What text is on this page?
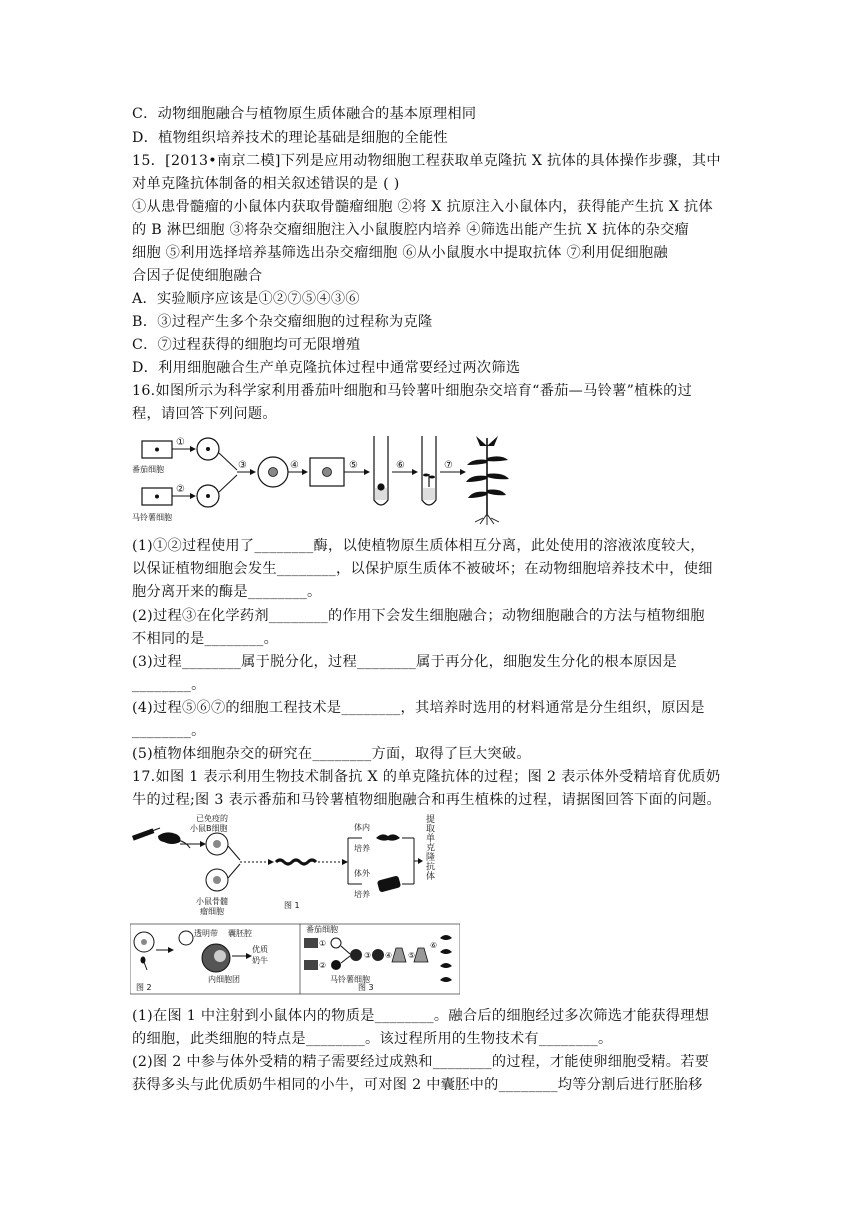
C．动物细胞融合与植物原生质体融合的基本原理相同
D．植物组织培养技术的理论基础是细胞的全能性
15．[2013•南京二模]下列是应用动物细胞工程获取单克隆抗 X 抗体的具体操作步骤，其中
对单克隆抗体制备的相关叙述错误的是 ( )
①从患骨髓瘤的小鼠体内获取骨髓瘤细胞 ②将 X 抗原注入小鼠体内，获得能产生抗 X 抗体
的 B 淋巴细胞 ③将杂交瘤细胞注入小鼠腹腔内培养 ④筛选出能产生抗 X 抗体的杂交瘤
细胞 ⑤利用选择培养基筛选出杂交瘤细胞 ⑥从小鼠腹水中提取抗体 ⑦利用促细胞融
合因子促使细胞融合
A．实验顺序应该是①②⑦⑤④③⑥
B．③过程产生多个杂交瘤细胞的过程称为克隆
C．⑦过程获得的细胞均可无限增殖
D．利用细胞融合生产单克隆抗体过程中通常要经过两次筛选
16.如图所示为科学家利用番茄叶细胞和马铃薯叶细胞杂交培育“番茄—马铃薯”植株的过
程，请回答下列问题。
①
番茄细胞
②
马铃薯细胞
③	④	⑤	⑥	⑦
(1)①②过程使用了________酶，以使植物原生质体相互分离，此处使用的溶液浓度较大，
以保证植物细胞会发生________，以保护原生质体不被破坏；在动物细胞培养技术中，使细
胞分离开来的酶是________。
(2)过程③在化学药剂________的作用下会发生细胞融合；动物细胞融合的方法与植物细胞
不相同的是________。
(3)过程________属于脱分化，过程________属于再分化，细胞发生分化的根本原因是
________。
(4)过程⑤⑥⑦的细胞工程技术是________，其培养时选用的材料通常是分生组织，原因是
________。
(5)植物体细胞杂交的研究在________方面，取得了巨大突破。
17.如图 1 表示利用生物技术制备抗 X 的单克隆抗体的过程；图 2 表示体外受精培育优质奶
牛的过程;图 3 表示番茄和马铃薯植物细胞融合和再生植株的过程，请据图回答下面的问题。
已免疫的
小鼠B细胞
小鼠骨髓
瘤细胞
体内
培养
体外
培养
提取单克隆抗体
图 1
透明带 囊胚腔
优质
奶牛
内细胞团
图 2
番茄细胞
①
②
③ ④ ⑤
⑥
马铃薯细胞
图 3
(1)在图 1 中注射到小鼠体内的物质是________。融合后的细胞经过多次筛选才能获得理想
的细胞，此类细胞的特点是________。该过程所用的生物技术有________。
(2)图 2 中参与体外受精的精子需要经过成熟和________的过程，才能使卵细胞受精。若要
获得多头与此优质奶牛相同的小牛，可对图 2 中囊胚中的________均等分割后进行胚胎移
